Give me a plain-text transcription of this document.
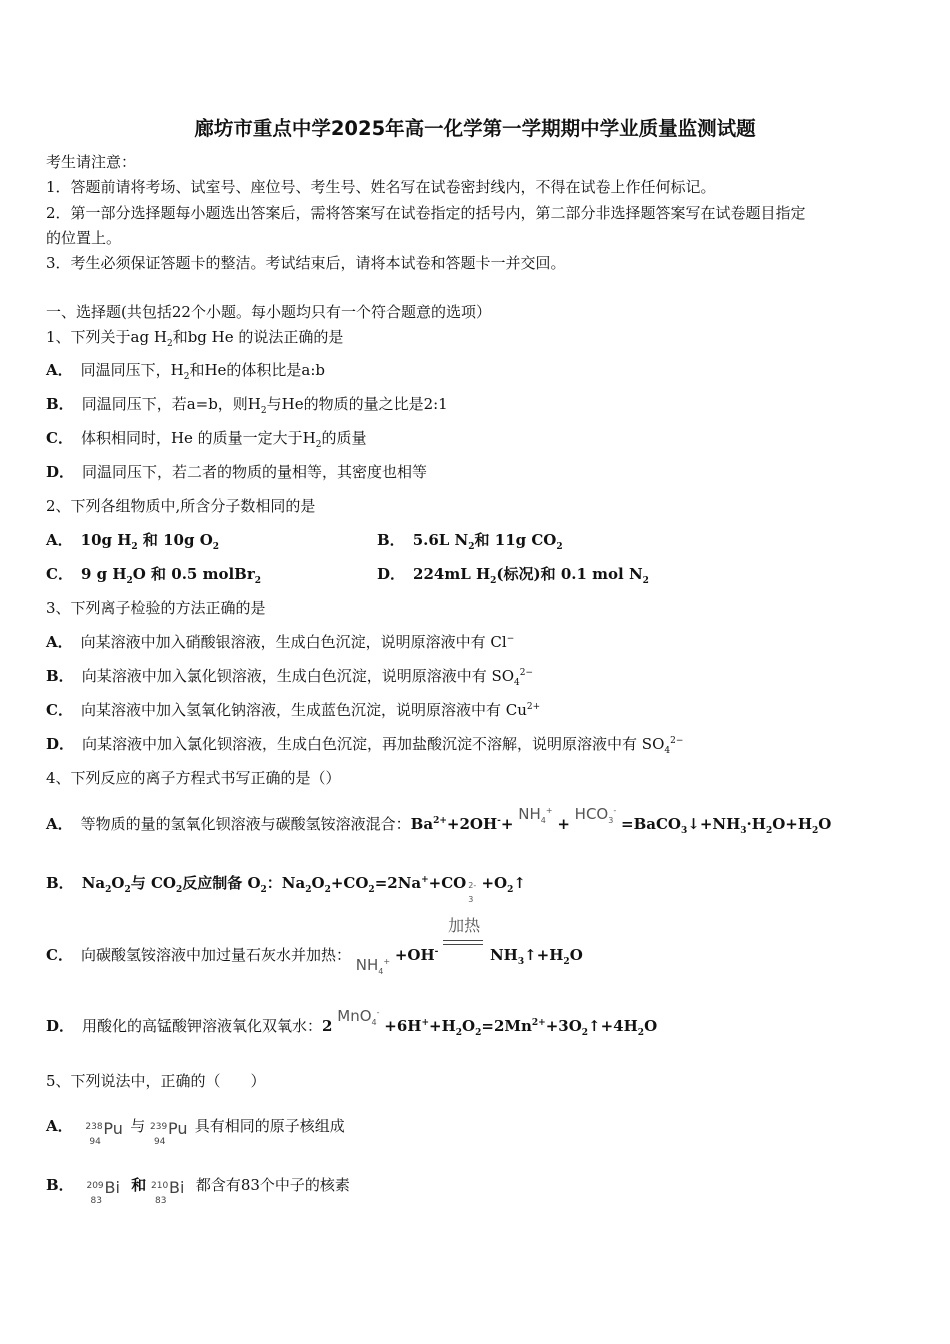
廊坊市重点中学2025年高一化学第一学期期中学业质量监测试题
考生请注意：
1．答题前请将考场、试室号、座位号、考生号、姓名写在试卷密封线内，不得在试卷上作任何标记。
2．第一部分选择题每小题选出答案后，需将答案写在试卷指定的括号内，第二部分非选择题答案写在试卷题目指定
的位置上。
3．考生必须保证答题卡的整洁。考试结束后，请将本试卷和答题卡一并交回。
一、选择题(共包括22个小题。每小题均只有一个符合题意的选项）
1、下列关于ag $H_2$和bg He 的说法正确的是
A． 同温同压下，$H_2$和He的体积比是a:b
B． 同温同压下，若a=b，则$H_2$与He的物质的量之比是2:1
C． 体积相同时，He 的质量一定大于$H_2$的质量
D． 同温同压下，若二者的物质的量相等，其密度也相等
2、下列各组物质中,所含分子数相同的是
A． 10g $H_2$ 和 10g $O_2$	B． 5.6L $N_2$和 11g $CO_2$
C． 9 g $H_2O$ 和 0.5 molBr$_2$	D． 224mL $H_2$(标况)和 0.1 mol $N_2$
3、下列离子检验的方法正确的是
A． 向某溶液中加入硝酸银溶液，生成白色沉淀，说明原溶液中有 Cl−
B． 向某溶液中加入氯化钡溶液，生成白色沉淀，说明原溶液中有 $SO_4^{2-}$
C． 向某溶液中加入氢氧化钠溶液，生成蓝色沉淀，说明原溶液中有 $Cu^{2+}$
D． 向某溶液中加入氯化钡溶液，生成白色沉淀，再加盐酸沉淀不溶解，说明原溶液中有 $SO_4^{2-}$
4、下列反应的离子方程式书写正确的是（）
A． 等物质的量的氢氧化钡溶液与碳酸氢铵溶液混合：$Ba^{2+}+2OH^-+ NH_4^+ + HCO_3^-$ $=BaCO_3↓+NH_3\cdot H_2O+H_2O$
B． $Na_2O_2$与 $CO_2$反应制备 $O_2$：$Na_2O_2+CO_2=2Na^++CO$ 2-
3
$+O_2↑$
C． 向碳酸氢铵溶液中加过量石灰水并加热： $NH_4^+ +OH^-$
加热
$NH_3↑+H_2O$
D． 用酸化的高锰酸钾溶液氧化双氧水：2 $MnO_4^- +6H^++H_2O_2=2Mn^{2+}+3O_2↑+4H_2O$
5、下列说法中，正确的（　　）
A． 238
94
Pu 与 239
94
Pu 具有相同的原子核组成
B． 209
83
Bi 和 210
83
Bi 都含有83个中子的核素
